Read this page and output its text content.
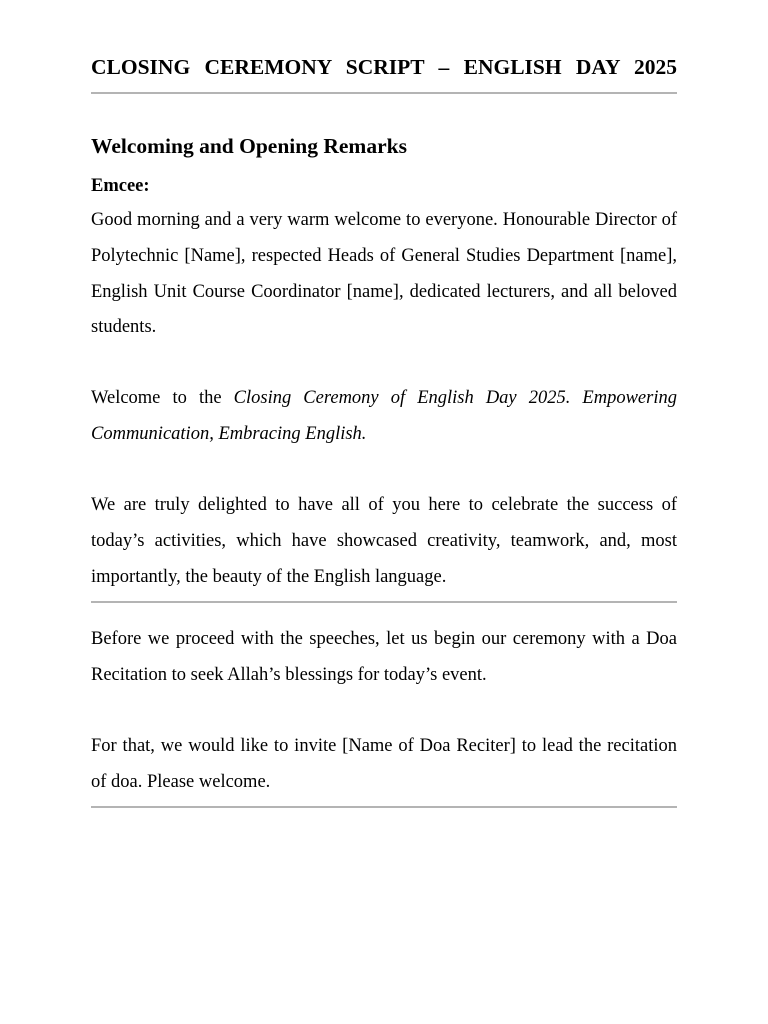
CLOSING CEREMONY SCRIPT – ENGLISH DAY 2025
Welcoming and Opening Remarks

Emcee:

Good morning and a very warm welcome to everyone. Honourable Director of Polytechnic [Name], respected Heads of General Studies Department [name], English Unit Course Coordinator [name], dedicated lecturers, and all beloved students.

Welcome to the Closing Ceremony of English Day 2025. Empowering Communication, Embracing English.

We are truly delighted to have all of you here to celebrate the success of today’s activities, which have showcased creativity, teamwork, and, most importantly, the beauty of the English language.

Before we proceed with the speeches, let us begin our ceremony with a Doa Recitation to seek Allah’s blessings for today’s event.

For that, we would like to invite [Name of Doa Reciter] to lead the recitation of doa. Please welcome.
